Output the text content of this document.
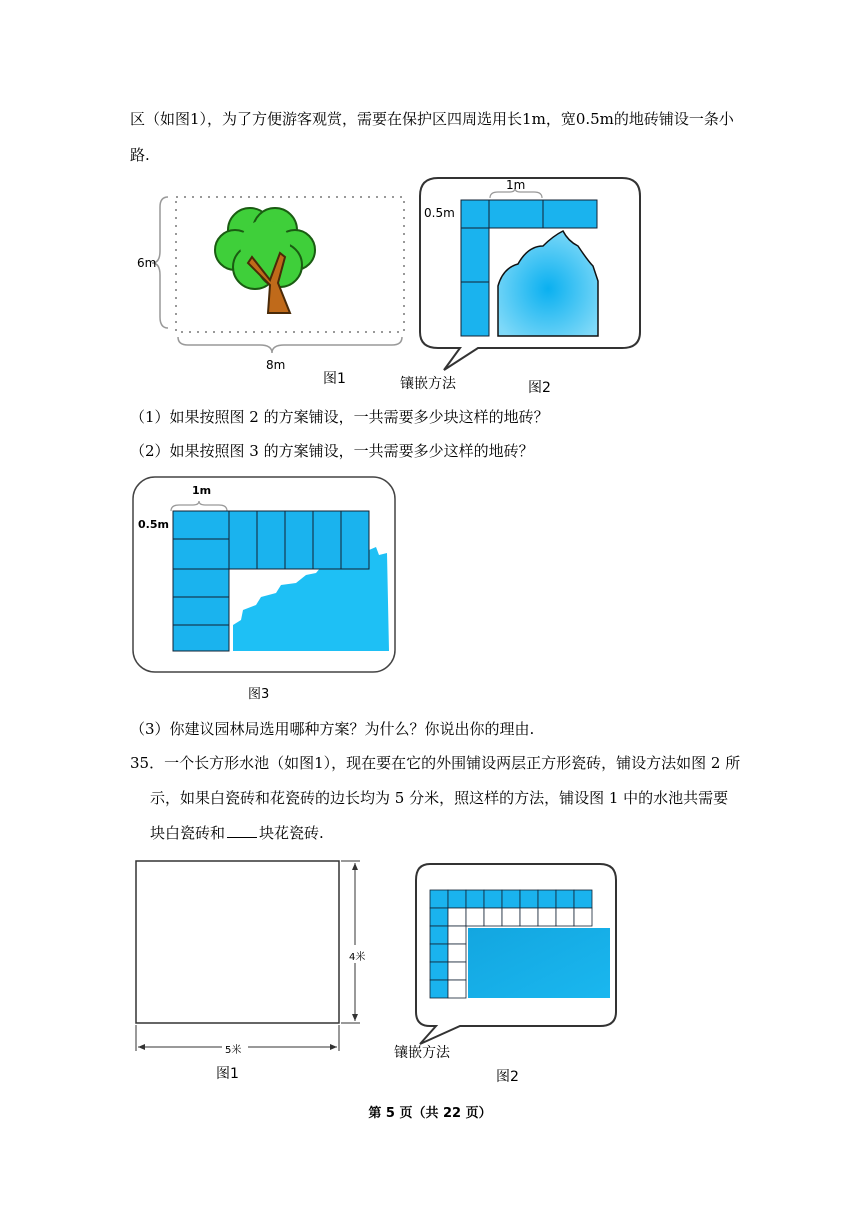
区（如图1），为了方便游客观赏，需要在保护区四周选用长1m，宽0.5m的地砖铺设一条小
路.
6m
8m
图1
1m
0.5m
镶嵌方法	图2
（1）如果按照图 2 的方案铺设，一共需要多少块这样的地砖？
（2）如果按照图 3 的方案铺设，一共需要多少这样的地砖？
1m
0.5m
图3
（3）你建议园林局选用哪种方案？为什么？你说出你的理由.
35．一个长方形水池（如图1），现在要在它的外围铺设两层正方形瓷砖，铺设方法如图 2 所
示，如果白瓷砖和花瓷砖的边长均为 5 分米，照这样的方法，铺设图 1 中的水池共需要
块白瓷砖和 块花瓷砖.
4米
5米
图1
镶嵌方法
图2
第 5 页（共 22 页）
